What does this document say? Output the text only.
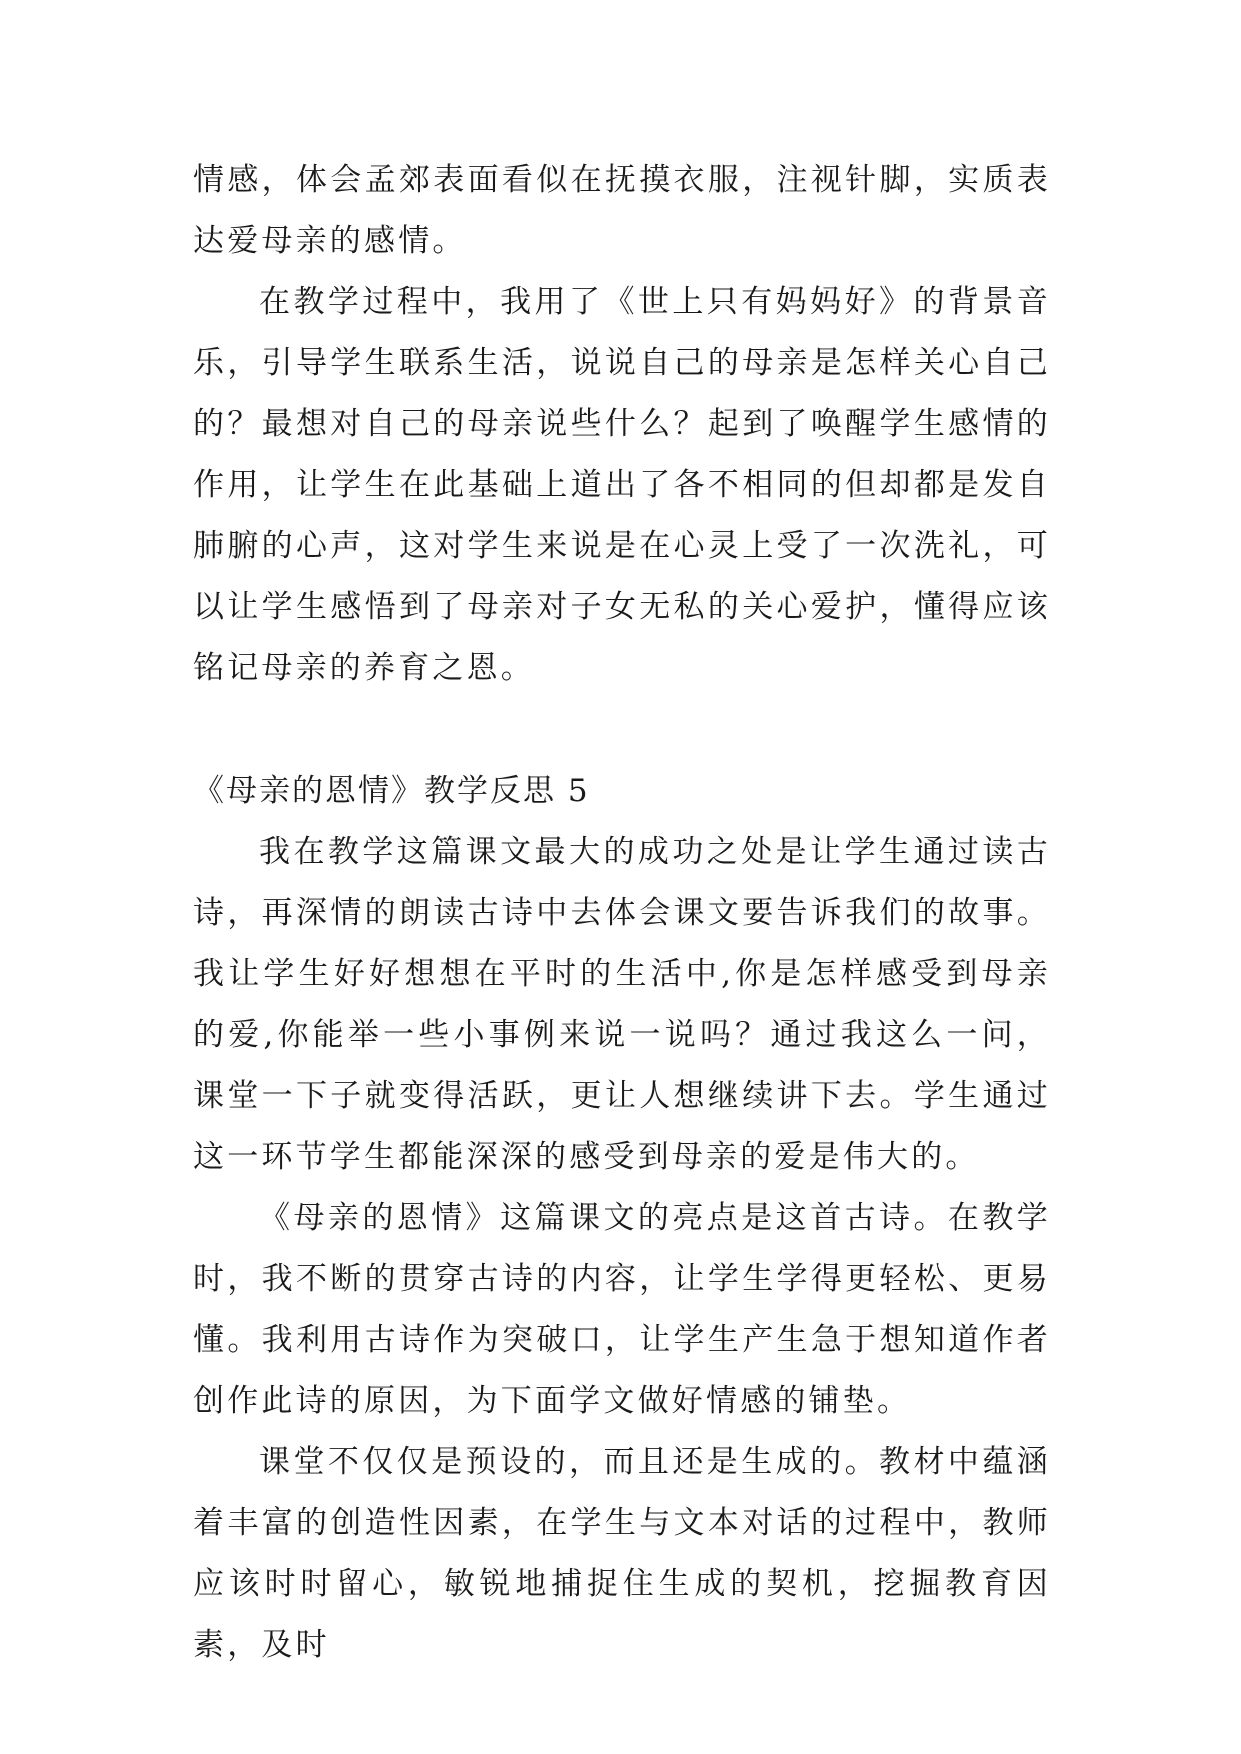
情感，体会孟郊表面看似在抚摸衣服，注视针脚，实质表达爱母亲的感情。

在教学过程中，我用了《世上只有妈妈好》的背景音乐，引导学生联系生活，说说自己的母亲是怎样关心自己的？最想对自己的母亲说些什么？起到了唤醒学生感情的作用，让学生在此基础上道出了各不相同的但却都是发自肺腑的心声，这对学生来说是在心灵上受了一次洗礼，可以让学生感悟到了母亲对子女无私的关心爱护，懂得应该铭记母亲的养育之恩。

《母亲的恩情》教学反思 5

我在教学这篇课文最大的成功之处是让学生通过读古诗，再深情的朗读古诗中去体会课文要告诉我们的故事。我让学生好好想想在平时的生活中,你是怎样感受到母亲的爱,你能举一些小事例来说一说吗？通过我这么一问，课堂一下子就变得活跃，更让人想继续讲下去。学生通过这一环节学生都能深深的感受到母亲的爱是伟大的。

《母亲的恩情》这篇课文的亮点是这首古诗。在教学时，我不断的贯穿古诗的内容，让学生学得更轻松、更易懂。我利用古诗作为突破口，让学生产生急于想知道作者创作此诗的原因，为下面学文做好情感的铺垫。

课堂不仅仅是预设的，而且还是生成的。教材中蕴涵着丰富的创造性因素，在学生与文本对话的过程中，教师应该时时留心，敏锐地捕捉住生成的契机，挖掘教育因素，及时
